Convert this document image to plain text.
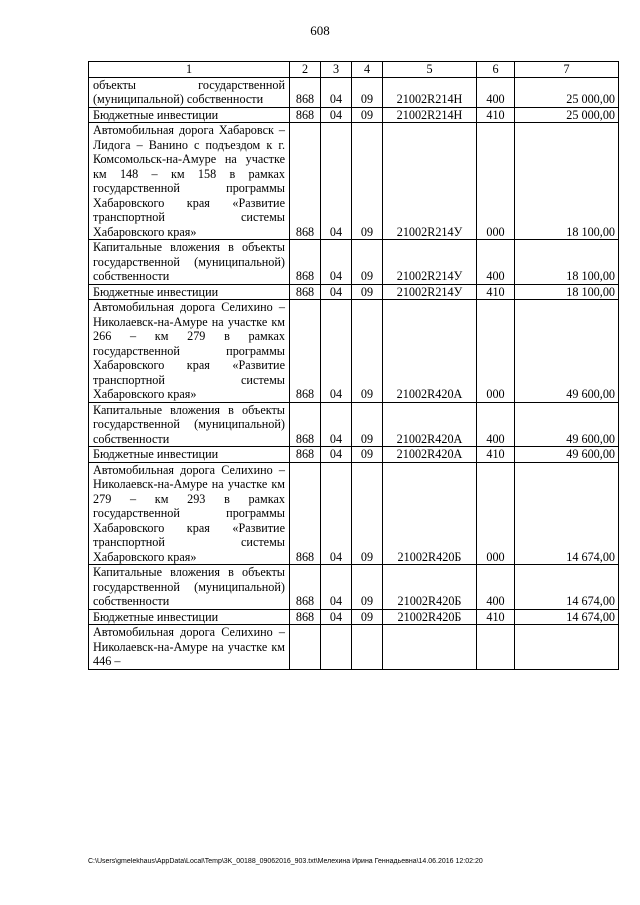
608
1	2	3	4	5	6	7
объекты государственной (муниципальной) собственности	868	04	09	21002R214Н	400	25 000,00
Бюджетные инвестиции	868	04	09	21002R214Н	410	25 000,00
Автомобильная дорога Хабаровск – Лидога – Ванино с подъездом к г. Комсомольск-на-Амуре на участке км 148 – км 158 в рамках государственной программы Хабаровского края «Развитие транспортной системы Хабаровского края»	868	04	09	21002R214У	000	18 100,00
Капитальные вложения в объекты государственной (муниципальной) собственности	868	04	09	21002R214У	400	18 100,00
Бюджетные инвестиции	868	04	09	21002R214У	410	18 100,00
Автомобильная дорога Селихино – Николаевск-на-Амуре на участке км 266 – км 279 в рамках государственной программы Хабаровского края «Развитие транспортной системы Хабаровского края»	868	04	09	21002R420А	000	49 600,00
Капитальные вложения в объекты государственной (муниципальной) собственности	868	04	09	21002R420А	400	49 600,00
Бюджетные инвестиции	868	04	09	21002R420А	410	49 600,00
Автомобильная дорога Селихино – Николаевск-на-Амуре на участке км 279 – км 293 в рамках государственной программы Хабаровского края «Развитие транспортной системы Хабаровского края»	868	04	09	21002R420Б	000	14 674,00
Капитальные вложения в объекты государственной (муниципальной) собственности	868	04	09	21002R420Б	400	14 674,00
Бюджетные инвестиции	868	04	09	21002R420Б	410	14 674,00
Автомобильная дорога Селихино – Николаевск-на-Амуре на участке км 446 –						
C:\Users\gmelekhaus\AppData\Local\Temp\3K_00188_09062016_903.txt\Мелехина Ирина Геннадьевна\14.06.2016 12:02:20
